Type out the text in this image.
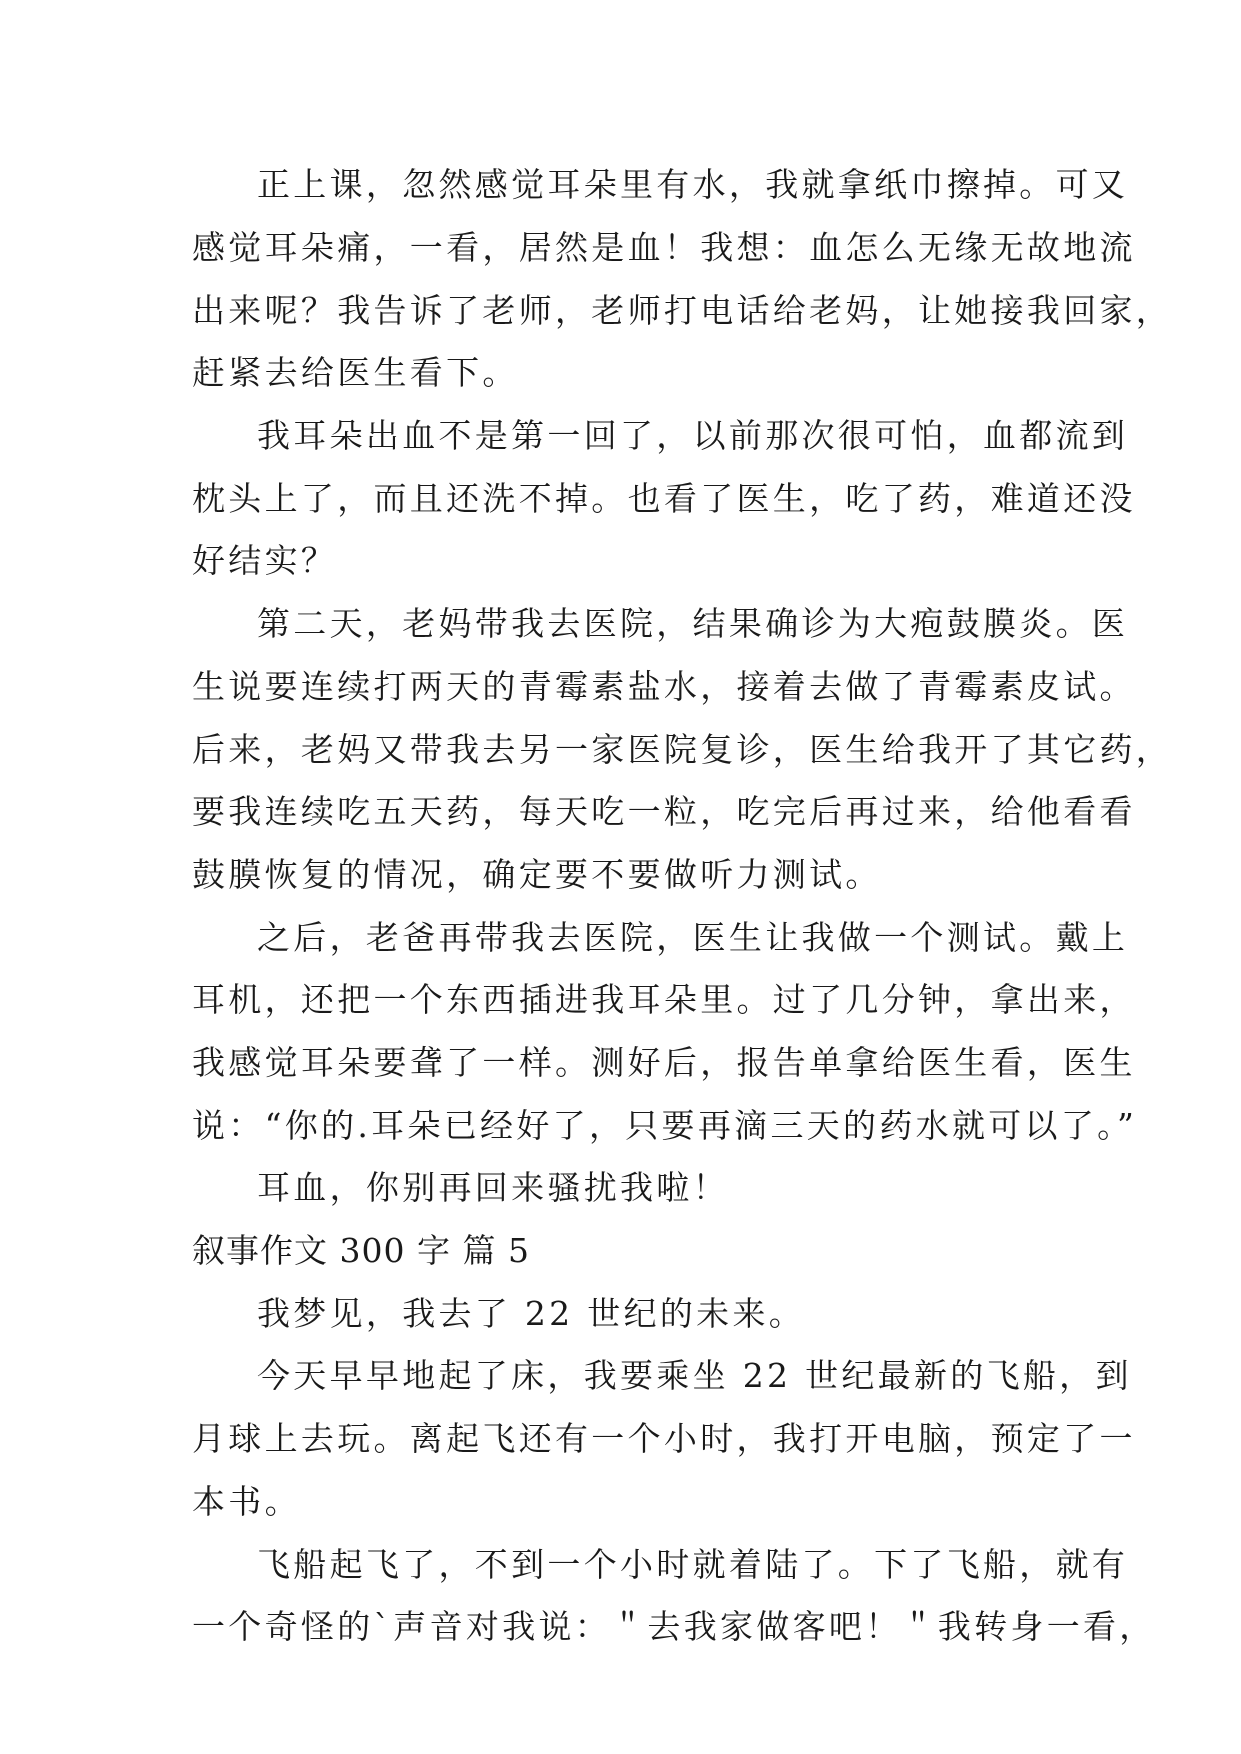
正上课，忽然感觉耳朵里有水，我就拿纸巾擦掉。可又
感觉耳朵痛，一看，居然是血！我想：血怎么无缘无故地流
出来呢？我告诉了老师，老师打电话给老妈，让她接我回家，
赶紧去给医生看下。
我耳朵出血不是第一回了，以前那次很可怕，血都流到
枕头上了，而且还洗不掉。也看了医生，吃了药，难道还没
好结实？
第二天，老妈带我去医院，结果确诊为大疱鼓膜炎。医
生说要连续打两天的青霉素盐水，接着去做了青霉素皮试。
后来，老妈又带我去另一家医院复诊，医生给我开了其它药，
要我连续吃五天药，每天吃一粒，吃完后再过来，给他看看
鼓膜恢复的情况，确定要不要做听力测试。
之后，老爸再带我去医院，医生让我做一个测试。戴上
耳机，还把一个东西插进我耳朵里。过了几分钟，拿出来，
我感觉耳朵要聋了一样。测好后，报告单拿给医生看，医生
说：“你的.耳朵已经好了，只要再滴三天的药水就可以了。”
耳血，你别再回来骚扰我啦！
叙事作文 300 字 篇 5
我梦见，我去了 22 世纪的未来。
今天早早地起了床，我要乘坐 22 世纪最新的飞船，到
月球上去玩。离起飞还有一个小时，我打开电脑，预定了一
本书。
飞船起飞了，不到一个小时就着陆了。下了飞船，就有
一个奇怪的`声音对我说：＂去我家做客吧！＂我转身一看，
